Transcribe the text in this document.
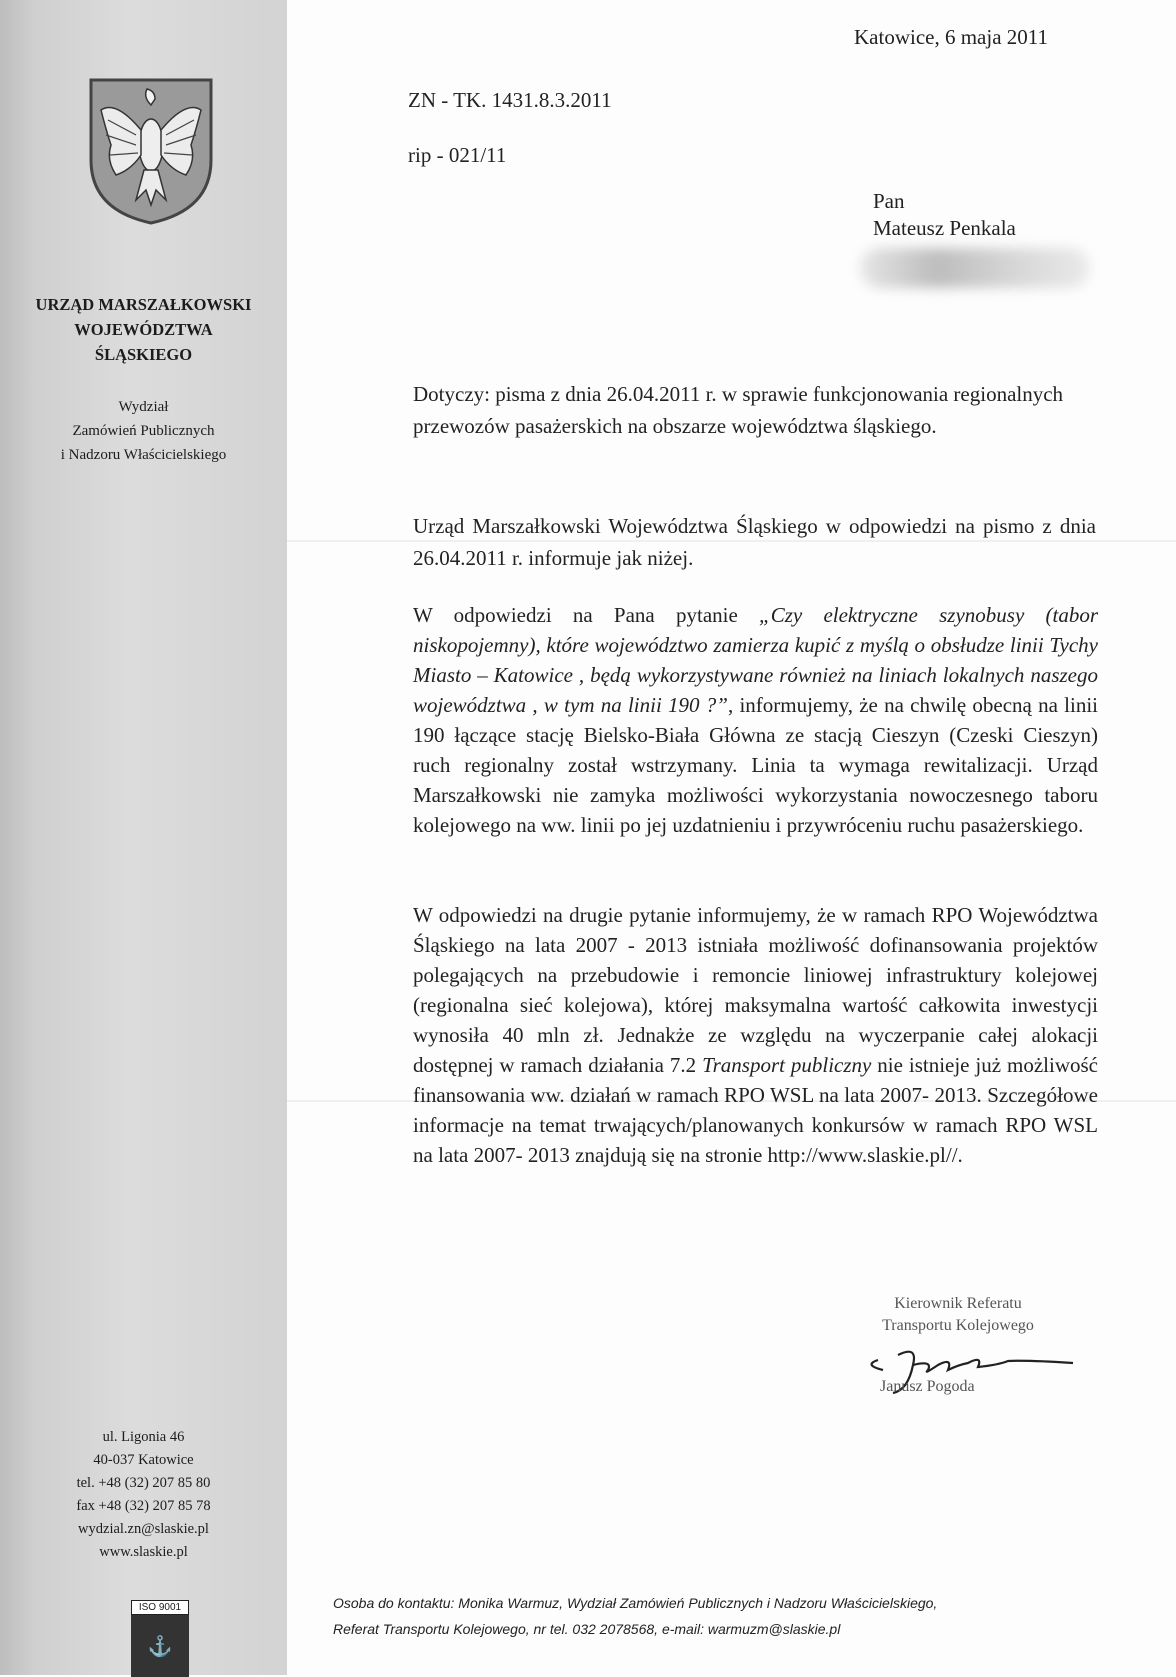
URZĄD MARSZAŁKOWSKI
WOJEWÓDZTWA
ŚLĄSKIEGO
Wydział
Zamówień Publicznych
i Nadzoru Właścicielskiego
ul. Ligonia 46
40-037 Katowice
tel. +48 (32) 207 85 80
fax +48 (32) 207 85 78
wydzial.zn@slaskie.pl
www.slaskie.pl
ISO 9001
⚓
Katowice, 6 maja 2011
ZN - TK. 1431.8.3.2011
rip - 021/11
Pan
Mateusz Penkala
Dotyczy: pisma z dnia 26.04.2011 r. w sprawie funkcjonowania regionalnych przewozów pasażerskich na obszarze województwa śląskiego.
Urząd Marszałkowski Województwa Śląskiego w odpowiedzi na pismo z dnia 26.04.2011 r. informuje jak niżej.
W odpowiedzi na Pana pytanie „Czy elektryczne szynobusy (tabor niskopojemny), które województwo zamierza kupić z myślą o obsłudze linii Tychy Miasto – Katowice , będą wykorzystywane również na liniach lokalnych naszego województwa , w tym na linii 190 ?”, informujemy, że na chwilę obecną na linii 190 łączące stację Bielsko-Biała Główna ze stacją Cieszyn (Czeski Cieszyn) ruch regionalny został wstrzymany. Linia ta wymaga rewitalizacji. Urząd Marszałkowski nie zamyka możliwości wykorzystania nowoczesnego taboru kolejowego na ww. linii po jej uzdatnieniu i przywróceniu ruchu pasażerskiego.
W odpowiedzi na drugie pytanie informujemy, że w ramach RPO Województwa Śląskiego na lata 2007 - 2013 istniała możliwość dofinansowania projektów polegających na przebudowie i remoncie liniowej infrastruktury kolejowej (regionalna sieć kolejowa), której maksymalna wartość całkowita inwestycji wynosiła 40 mln zł. Jednakże ze względu na wyczerpanie całej alokacji dostępnej w ramach działania 7.2 Transport publiczny nie istnieje już możliwość finansowania ww. działań w ramach RPO WSL na lata 2007- 2013. Szczegółowe informacje na temat trwających/planowanych konkursów w ramach RPO WSL na lata 2007- 2013 znajdują się na stronie http://www.slaskie.pl//.
Kierownik Referatu
Transportu Kolejowego
Janusz Pogoda
Osoba do kontaktu: Monika Warmuz, Wydział Zamówień Publicznych i Nadzoru Właścicielskiego,
Referat Transportu Kolejowego, nr tel. 032 2078568, e-mail: warmuzm@slaskie.pl
